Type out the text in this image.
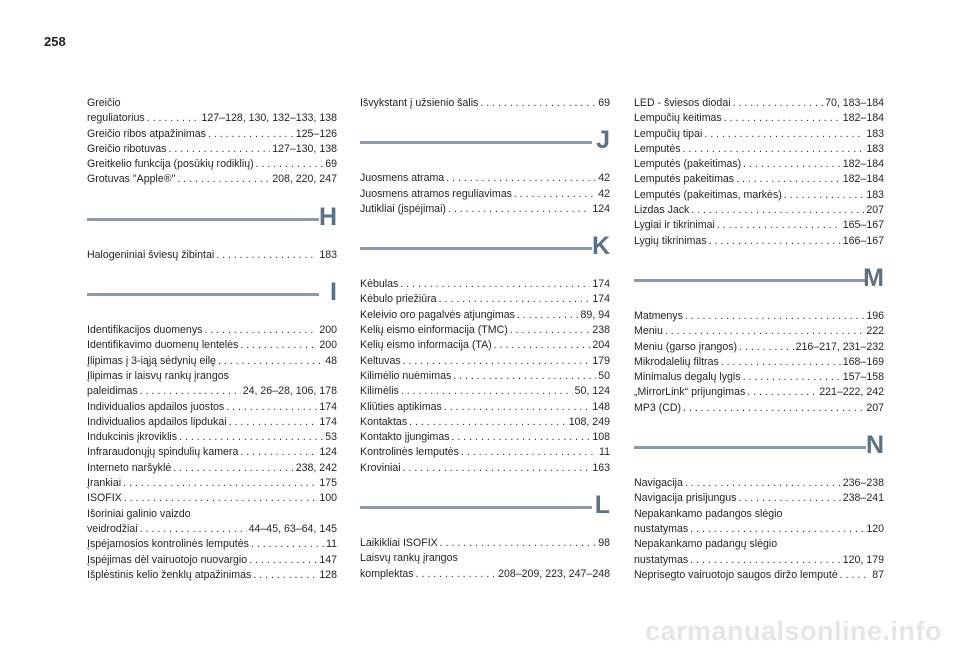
258
Greičio
reguliatorius . . .	127–128, 130, 132–133, 138
Greičio ribos atpažinimas . . .	125–126
Greičio ribotuvas . . .	127–130, 138
Greitkelio funkcija (posūkių rodiklių) . . .	69
Grotuvas "Apple®" . . .	208, 220, 247
H
Halogeniniai šviesų žibintai . . .	183
I
Identifikacijos duomenys . . .	200
Identifikavimo duomenų lentelės . . .	200
Įlipimas į 3-iąją sėdynių eilę . . .	48
Įlipimas ir laisvų rankų įrangos
paleidimas . . .	24, 26–28, 106, 178
Individualios apdailos juostos . . .	174
Individualios apdailos lipdukai . . .	174
Indukcinis įkroviklis . . .	53
Infraraudonųjų spindulių kamera . . .	124
Interneto naršyklė . . .	238, 242
Įrankiai . . .	175
ISOFIX . . .	100
Išoriniai galinio vaizdo
veidrodžiai . . .	44–45, 63–64, 145
Įspėjamosios kontrolinės lemputės . . .	11
Įspėjimas dėl vairuotojo nuovargio . . .	147
Išplėstinis kelio ženklų atpažinimas . . .	128
Išvykstant į užsienio šalis . . .	69
J
Juosmens atrama . . .	42
Juosmens atramos reguliavimas . . .	42
Jutikliai (įspėjimai) . . .	124
K
Kėbulas . . .	174
Kėbulo priežiūra . . .	174
Keleivio oro pagalvės atjungimas . . .	89, 94
Kelių eismo einformacija (TMC) . . .	238
Kelių eismo informacija (TA) . . .	204
Keltuvas . . .	179
Kilimėlio nuėmimas . . .	50
Kilimėlis . . .	50, 124
Kliūties aptikimas . . .	148
Kontaktas . . .	108, 249
Kontakto įjungimas . . .	108
Kontrolinės lemputės . . .	11
Kroviniai . . .	163
L
Laikikliai ISOFIX . . .	98
Laisvų rankų įrangos
komplektas . . .	208–209, 223, 247–248
LED - šviesos diodai . . .	70, 183–184
Lempučių keitimas . . .	182–184
Lempučių tipai . . .	183
Lemputės . . .	183
Lemputės (pakeitimas) . . .	182–184
Lemputės pakeitimas . . .	182–184
Lemputės (pakeitimas, markės) . . .	183
Lizdas Jack . . .	207
Lygiai ir tikrinimai . . .	165–167
Lygių tikrinimas . . .	166–167
M
Matmenys . . .	196
Meniu . . .	222
Meniu (garso įrangos) . . .	216–217, 231–232
Mikrodalelių filtras . . .	168–169
Minimalus degalų lygis . . .	157–158
„MirrorLink“ prijungimas . . .	221–222, 242
MP3 (CD) . . .	207
N
Navigacija . . .	236–238
Navigacija prisijungus . . .	238–241
Nepakankamo padangos slėgio
nustatymas . . .	120
Nepakankamo padangų slėgio
nustatymas . . .	120, 179
Neprisegto vairuotojo saugos diržo lemputė . . .	87
carmanualsonline.info
